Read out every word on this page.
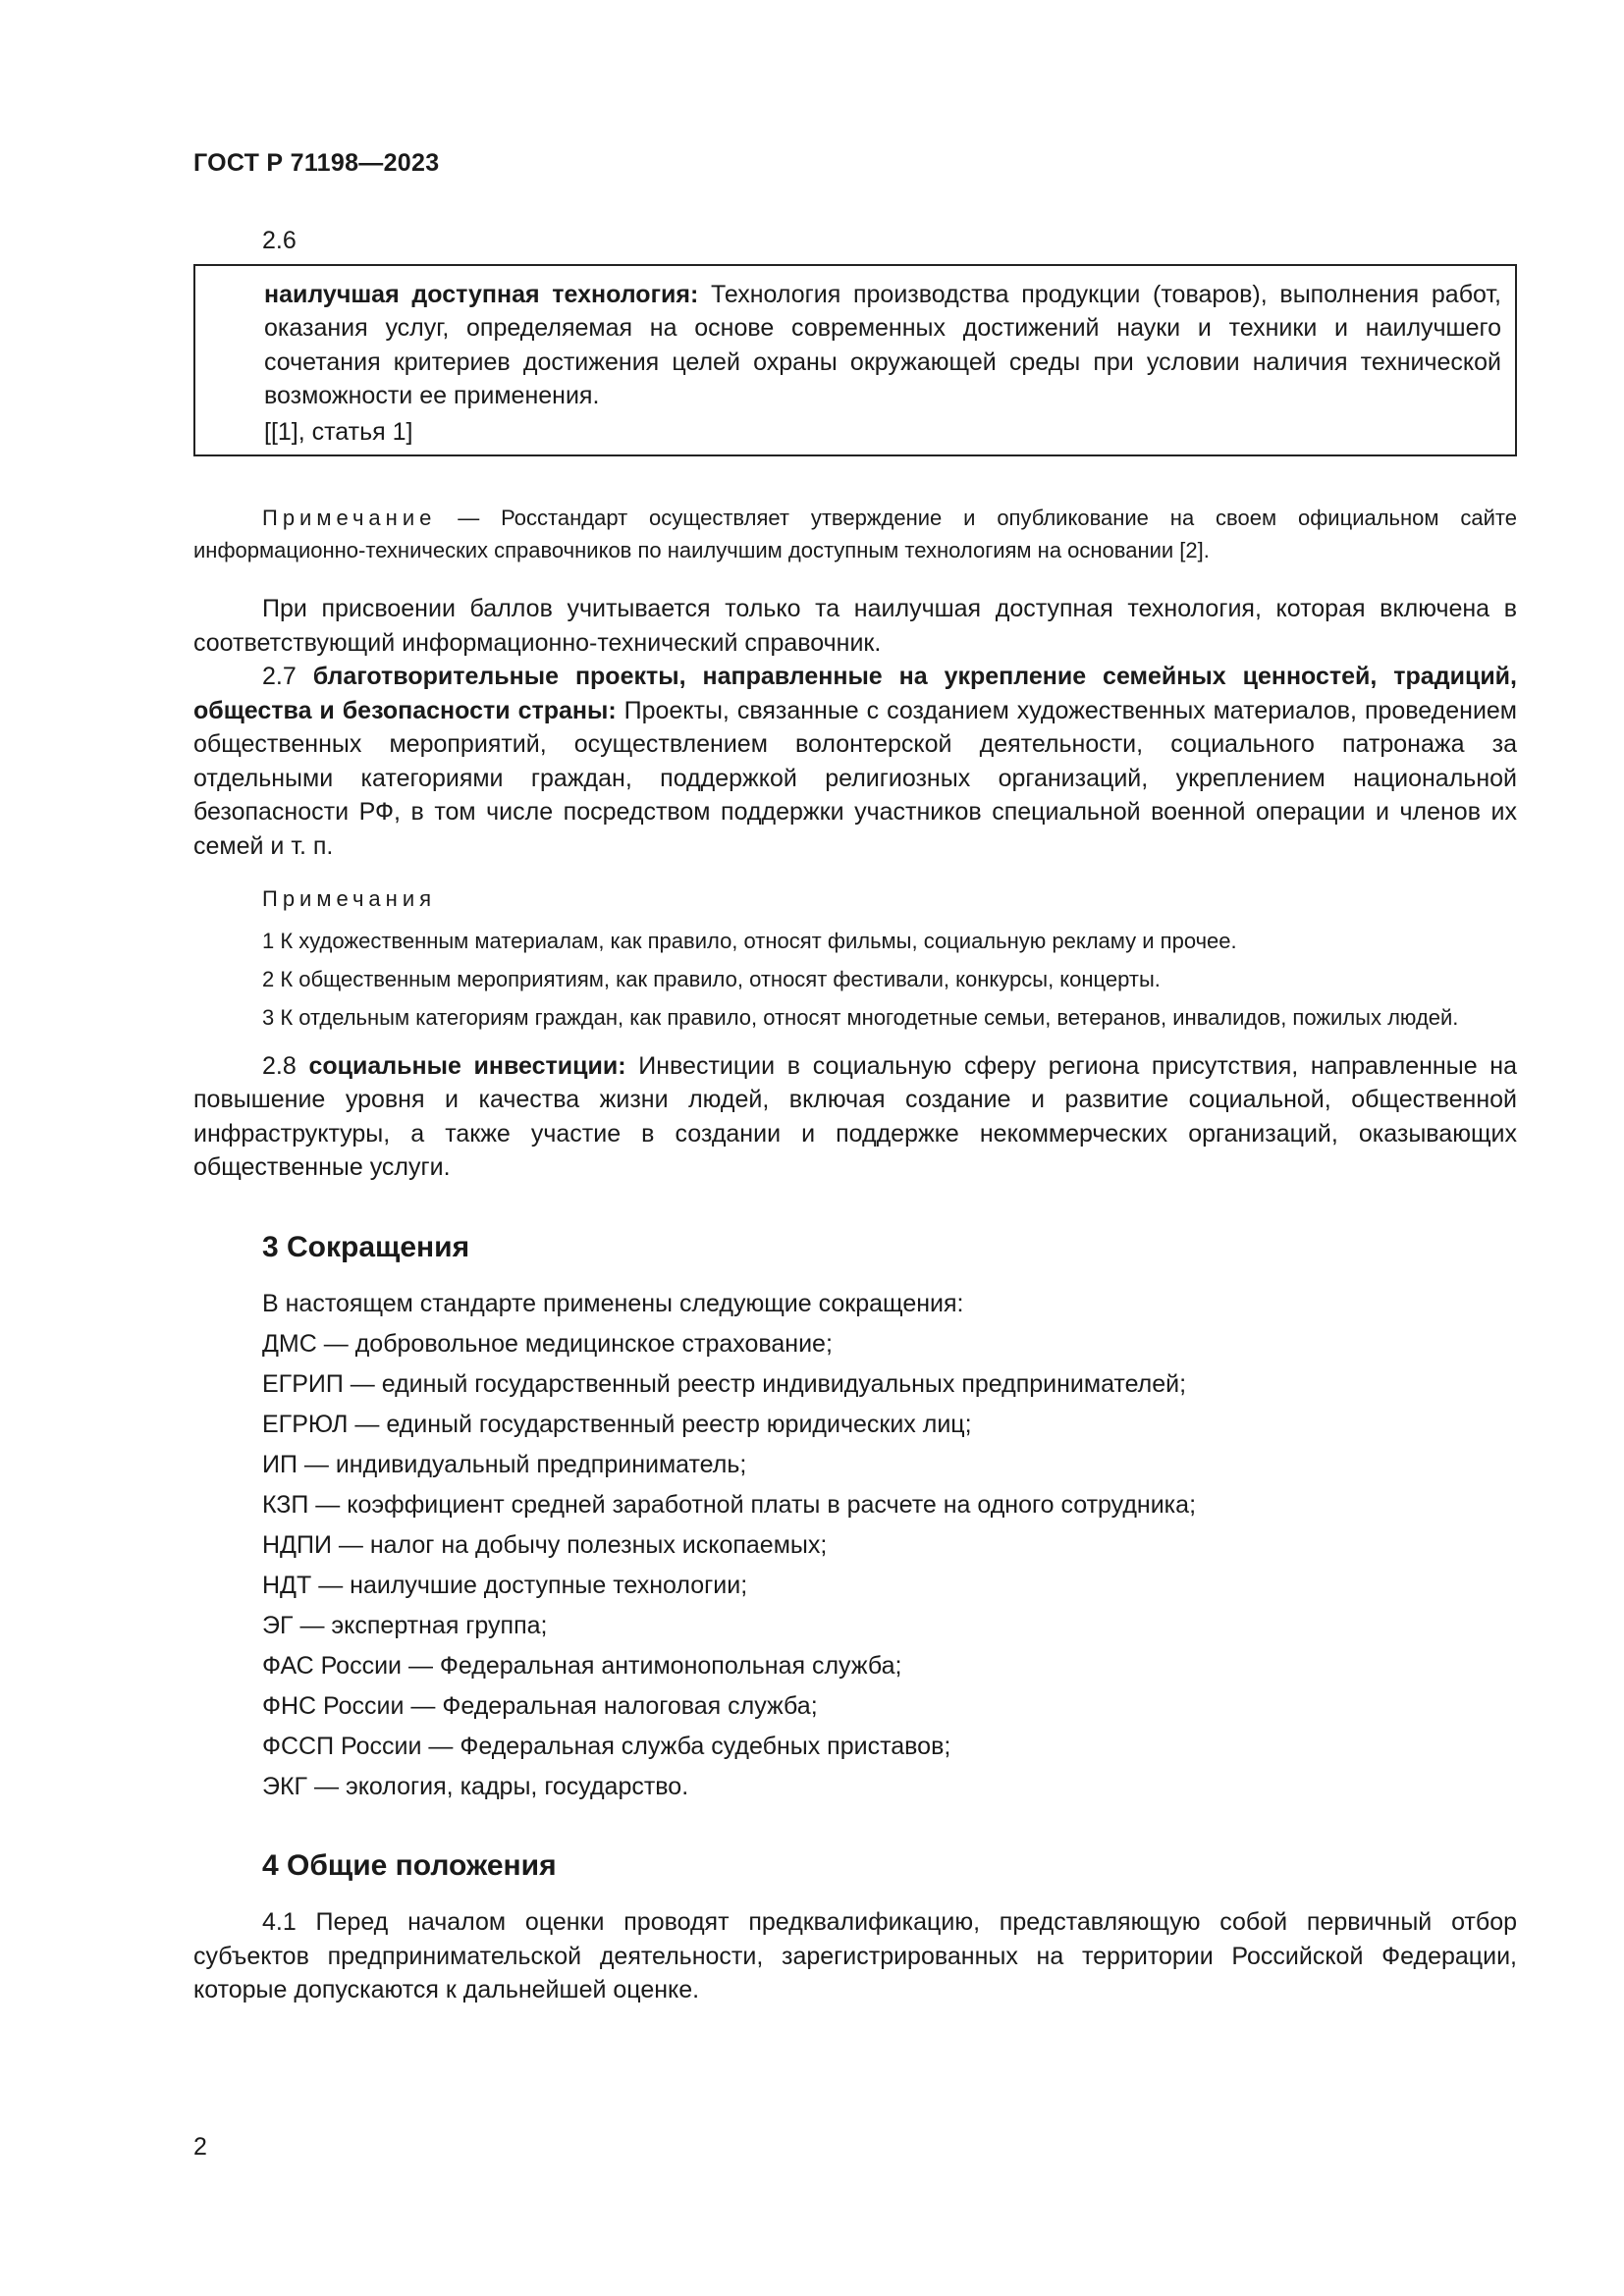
ГОСТ Р 71198—2023

2.6

наилучшая доступная технология: Технология производства продукции (товаров), выполнения работ, оказания услуг, определяемая на основе современных достижений науки и техники и наилучшего сочетания критериев достижения целей охраны окружающей среды при условии наличия технической возможности ее применения.

[[1], статья 1]

Примечание — Росстандарт осуществляет утверждение и опубликование на своем официальном сайте информационно-технических справочников по наилучшим доступным технологиям на основании [2].

При присвоении баллов учитывается только та наилучшая доступная технология, которая включена в соответствующий информационно-технический справочник.

2.7 благотворительные проекты, направленные на укрепление семейных ценностей, традиций, общества и безопасности страны: Проекты, связанные с созданием художественных материалов, проведением общественных мероприятий, осуществлением волонтерской деятельности, социального патронажа за отдельными категориями граждан, поддержкой религиозных организаций, укреплением национальной безопасности РФ, в том числе посредством поддержки участников специальной военной операции и членов их семей и т. п.

Примечания

1 К художественным материалам, как правило, относят фильмы, социальную рекламу и прочее.

2 К общественным мероприятиям, как правило, относят фестивали, конкурсы, концерты.

3 К отдельным категориям граждан, как правило, относят многодетные семьи, ветеранов, инвалидов, пожилых людей.

2.8 социальные инвестиции: Инвестиции в социальную сферу региона присутствия, направленные на повышение уровня и качества жизни людей, включая создание и развитие социальной, общественной инфраструктуры, а также участие в создании и поддержке некоммерческих организаций, оказывающих общественные услуги.

3 Сокращения

В настоящем стандарте применены следующие сокращения:

ДМС — добровольное медицинское страхование;

ЕГРИП — единый государственный реестр индивидуальных предпринимателей;

ЕГРЮЛ — единый государственный реестр юридических лиц;

ИП — индивидуальный предприниматель;

КЗП — коэффициент средней заработной платы в расчете на одного сотрудника;

НДПИ — налог на добычу полезных ископаемых;

НДТ — наилучшие доступные технологии;

ЭГ — экспертная группа;

ФАС России — Федеральная антимонопольная служба;

ФНС России — Федеральная налоговая служба;

ФССП России — Федеральная служба судебных приставов;

ЭКГ — экология, кадры, государство.

4 Общие положения

4.1 Перед началом оценки проводят предквалификацию, представляющую собой первичный отбор субъектов предпринимательской деятельности, зарегистрированных на территории Российской Федерации, которые допускаются к дальнейшей оценке.

2
